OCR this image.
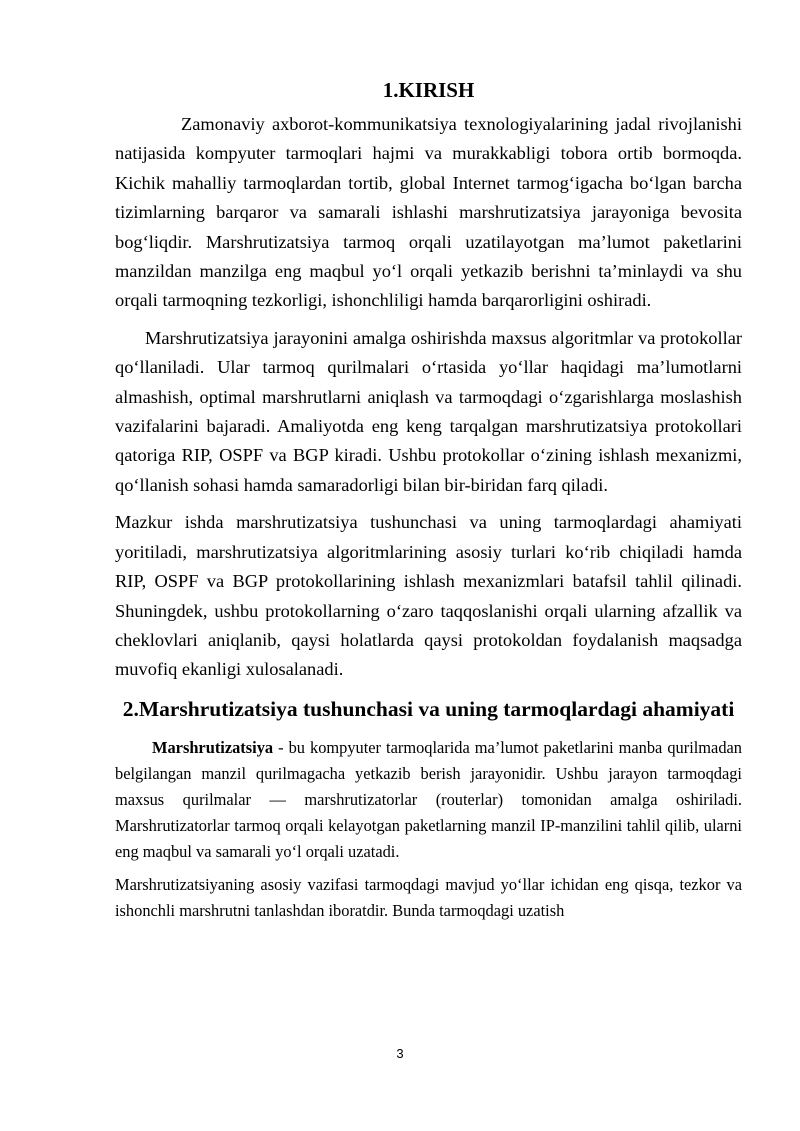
1.KIRISH

Zamonaviy axborot-kommunikatsiya texnologiyalarining jadal rivojlanishi natijasida kompyuter tarmoqlari hajmi va murakkabligi tobora ortib bormoqda. Kichik mahalliy tarmoqlardan tortib, global Internet tarmog‘igacha bo‘lgan barcha tizimlarning barqaror va samarali ishlashi marshrutizatsiya jarayoniga bevosita bog‘liqdir. Marshrutizatsiya tarmoq orqali uzatilayotgan ma’lumot paketlarini manzildan manzilga eng maqbul yo‘l orqali yetkazib berishni ta’minlaydi va shu orqali tarmoqning tezkorligi, ishonchliligi hamda barqarorligini oshiradi.

Marshrutizatsiya jarayonini amalga oshirishda maxsus algoritmlar va protokollar qo‘llaniladi. Ular tarmoq qurilmalari o‘rtasida yo‘llar haqidagi ma’lumotlarni almashish, optimal marshrutlarni aniqlash va tarmoqdagi o‘zgarishlarga moslashish vazifalarini bajaradi. Amaliyotda eng keng tarqalgan marshrutizatsiya protokollari qatoriga RIP, OSPF va BGP kiradi. Ushbu protokollar o‘zining ishlash mexanizmi, qo‘llanish sohasi hamda samaradorligi bilan bir-biridan farq qiladi.

Mazkur ishda marshrutizatsiya tushunchasi va uning tarmoqlardagi ahamiyati yoritiladi, marshrutizatsiya algoritmlarining asosiy turlari ko‘rib chiqiladi hamda RIP, OSPF va BGP protokollarining ishlash mexanizmlari batafsil tahlil qilinadi. Shuningdek, ushbu protokollarning o‘zaro taqqoslanishi orqali ularning afzallik va cheklovlari aniqlanib, qaysi holatlarda qaysi protokoldan foydalanish maqsadga muvofiq ekanligi xulosalanadi.

2.Marshrutizatsiya tushunchasi va uning tarmoqlardagi ahamiyati

Marshrutizatsiya - bu kompyuter tarmoqlarida ma’lumot paketlarini manba qurilmadan belgilangan manzil qurilmagacha yetkazib berish jarayonidir. Ushbu jarayon tarmoqdagi maxsus qurilmalar — marshrutizatorlar (routerlar) tomonidan amalga oshiriladi. Marshrutizatorlar tarmoq orqali kelayotgan paketlarning manzil IP-manzilini tahlil qilib, ularni eng maqbul va samarali yo‘l orqali uzatadi.

Marshrutizatsiyaning asosiy vazifasi tarmoqdagi mavjud yo‘llar ichidan eng qisqa, tezkor va ishonchli marshrutni tanlashdan iboratdir. Bunda tarmoqdagi uzatish

3
